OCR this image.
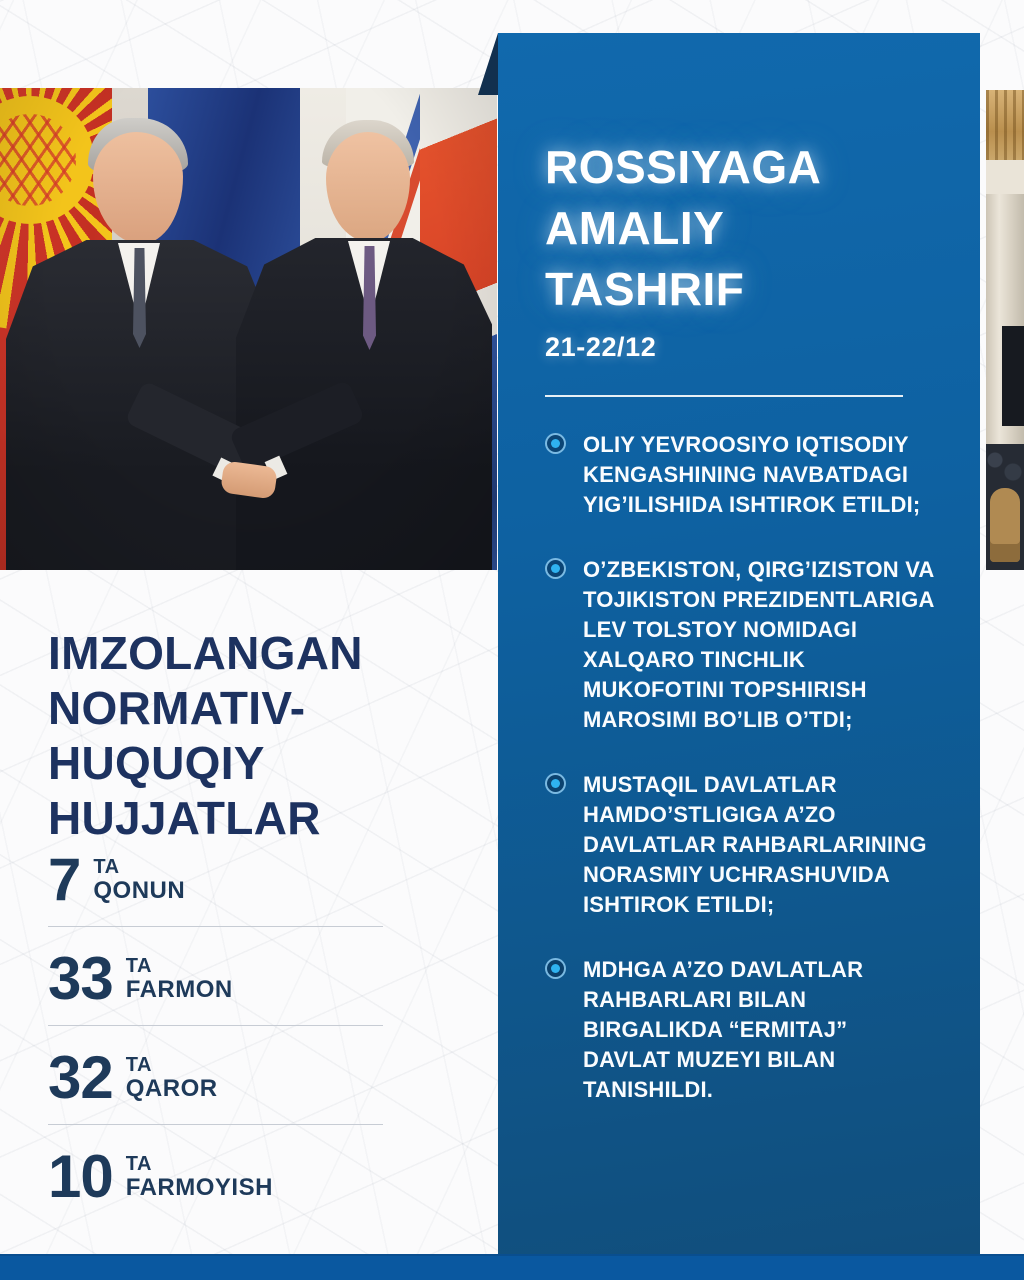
ROSSIYAGA
AMALIY
TASHRIF
21-22/12
OLIY YEVROOSIYO IQTISODIY KENGASHINING NAVBATDAGI YIG’ILISHIDA ISHTIROK ETILDI;
O’ZBEKISTON, QIRG’IZISTON VA TOJIKISTON PREZIDENTLARIGA LEV TOLSTOY NOMIDAGI XALQARO TINCHLIK MUKOFOTINI TOPSHIRISH MAROSIMI BO’LIB O’TDI;
MUSTAQIL DAVLATLAR HAMDO’STLIGIGA A’ZO DAVLATLAR RAHBARLARINING NORASMIY UCHRASHUVIDA ISHTIROK ETILDI;
MDHGA A’ZO DAVLATLAR RAHBARLARI BILAN BIRGALIKDA “ERMITAJ” DAVLAT MUZEYI BILAN TANISHILDI.
IMZOLANGAN
NORMATIV-
HUQUQIY
HUJJATLAR
7 TA
QONUN
33 TA
FARMON
32 TA
QAROR
10 TA
FARMOYISH
